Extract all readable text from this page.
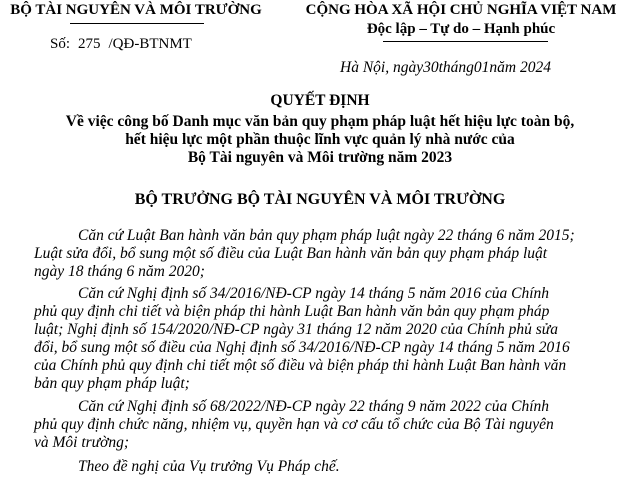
BỘ TÀI NGUYÊN VÀ MÔI TRƯỜNG	CỘNG HÒA XÃ HỘI CHỦ NGHĨA VIỆT NAM
Độc lập – Tự do – Hạnh phúc
Số: 275 /QĐ-BTNMT
Hà Nội, ngày30tháng01năm 2024
QUYẾT ĐỊNH
Về việc công bố Danh mục văn bản quy phạm pháp luật hết hiệu lực toàn bộ,
hết hiệu lực một phần thuộc lĩnh vực quản lý nhà nước của
Bộ Tài nguyên và Môi trường năm 2023
BỘ TRƯỞNG BỘ TÀI NGUYÊN VÀ MÔI TRƯỜNG
Căn cứ Luật Ban hành văn bản quy phạm pháp luật ngày 22 tháng 6 năm 2015;
Luật sửa đổi, bổ sung một số điều của Luật Ban hành văn bản quy phạm pháp luật
ngày 18 tháng 6 năm 2020;
Căn cứ Nghị định số 34/2016/NĐ-CP ngày 14 tháng 5 năm 2016 của Chính
phủ quy định chi tiết và biện pháp thi hành Luật Ban hành văn bản quy phạm pháp
luật; Nghị định số 154/2020/NĐ-CP ngày 31 tháng 12 năm 2020 của Chính phủ sửa
đổi, bổ sung một số điều của Nghị định số 34/2016/NĐ-CP ngày 14 tháng 5 năm 2016
của Chính phủ quy định chi tiết một số điều và biện pháp thi hành Luật Ban hành văn
bản quy phạm pháp luật;
Căn cứ Nghị định số 68/2022/NĐ-CP ngày 22 tháng 9 năm 2022 của Chính
phủ quy định chức năng, nhiệm vụ, quyền hạn và cơ cấu tổ chức của Bộ Tài nguyên
và Môi trường;
Theo đề nghị của Vụ trưởng Vụ Pháp chế.
